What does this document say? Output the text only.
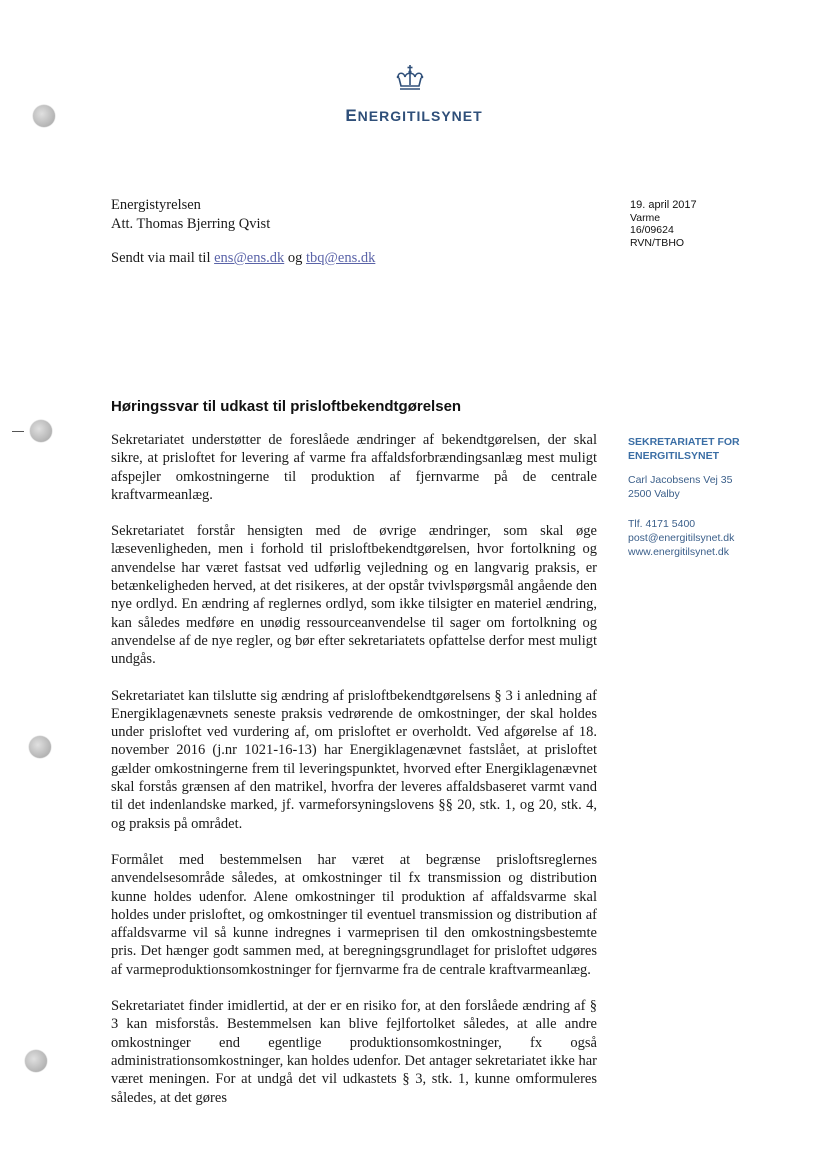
ENERGITILSYNET
Energistyrelsen
Att. Thomas Bjerring Qvist
Sendt via mail til ens@ens.dk og tbq@ens.dk
19. april 2017
Varme
16/09624
RVN/TBHO
Høringssvar til udkast til prisloftbekendtgørelsen

Sekretariatet understøtter de foreslåede ændringer af bekendtgørelsen, der skal sikre, at prisloftet for levering af varme fra affaldsforbrændingsanlæg mest muligt afspejler omkostningerne til produktion af fjernvarme på de centrale kraftvarmeanlæg.

Sekretariatet forstår hensigten med de øvrige ændringer, som skal øge læsevenligheden, men i forhold til prisloftbekendtgørelsen, hvor fortolkning og anvendelse har været fastsat ved udførlig vejledning og en langvarig praksis, er betænkeligheden herved, at det risikeres, at der opstår tvivlspørgsmål angående den nye ordlyd. En ændring af reglernes ordlyd, som ikke tilsigter en materiel ændring, kan således medføre en unødig ressourceanvendelse til sager om fortolkning og anvendelse af de nye regler, og bør efter sekretariatets opfattelse derfor mest muligt undgås.

Sekretariatet kan tilslutte sig ændring af prisloftbekendtgørelsens § 3 i anledning af Energiklagenævnets seneste praksis vedrørende de omkostninger, der skal holdes under prisloftet ved vurdering af, om prisloftet er overholdt. Ved afgørelse af 18. november 2016 (j.nr 1021-16-13) har Energiklagenævnet fastslået, at prisloftet gælder omkostningerne frem til leveringspunktet, hvorved efter Energiklagenævnet skal forstås grænsen af den matrikel, hvorfra der leveres affaldsbaseret varmt vand til det indenlandske marked, jf. varmeforsyningslovens §§ 20, stk. 1, og 20, stk. 4, og praksis på området.

Formålet med bestemmelsen har været at begrænse prisloftsreglernes anvendelsesområde således, at omkostninger til fx transmission og distribution kunne holdes udenfor. Alene omkostninger til produktion af affaldsvarme skal holdes under prisloftet, og omkostninger til eventuel transmission og distribution af affaldsvarme vil så kunne indregnes i varmeprisen til den omkostningsbestemte pris. Det hænger godt sammen med, at beregningsgrundlaget for prisloftet udgøres af varmeproduktionsomkostninger for fjernvarme fra de centrale kraftvarmeanlæg.

Sekretariatet finder imidlertid, at der er en risiko for, at den forslåede ændring af § 3 kan misforstås. Bestemmelsen kan blive fejlfortolket således, at alle andre omkostninger end egentlige produktionsomkostninger, fx også administrationsomkostninger, kan holdes udenfor. Det antager sekretariatet ikke har været meningen. For at undgå det vil udkastets § 3, stk. 1, kunne omformuleres således, at det gøres

SEKRETARIATET FOR
ENERGITILSYNET
Carl Jacobsens Vej 35
2500 Valby
Tlf. 4171 5400
post@energitilsynet.dk
www.energitilsynet.dk
